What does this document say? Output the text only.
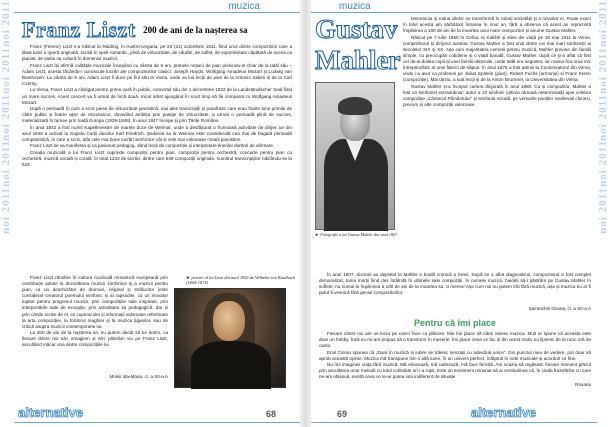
noi 2011
noi 2011
noi 2011
noi 2011
noi 2011
noi 2011
noi 2011
noi 2011
noi 2011
noi 2011
muzica
Franz Liszt $^{200 de ani de la nașterea sa}$

Franz (Ferenc) Liszt s-a născut la Raiding, în Austro-Ungaria, pe 22 (21) octombrie 1811, fiind unul dintre compozitorii care a lăsat lumii o operă originală, scrisă în spirit romantic, plină de virtuozitate, de căutări, de suflet, de expresivitate căpătată de scena ca pianist, de vasta sa cultură în domeniul muzicii.

Franz Liszt își afirmă calitățile muzicale începând cu vârsta de 6 ani, primele noțiuni de pian primindu-le chiar de la tatăl său – Adam Liszt, acesta făcându-i cunoscute lucrări ale compozitorilor clasici: Joseph Haydn, Wolfgang Amadeus Mozart și Ludwig van Beethoven. La vârsta de 9 ani, Adam Liszt îl duce pe fiul său la Viena, unde va lua lecții de pian de la Antonio Salieri și de la Carl Czerny.

La Viena, Franz Liszt a câștigat pentru prima oară în public, concertul său din 1 decembrie 1822 de la Landständischer Saal fiind un mare succes. Acest concert va fi urmat de încă două, micul artist ajungând în scurt timp să fie comparat cu Wolfgang Amadeus Mozart.

După o perioadă în care a scris piese de virtuozitate pianistică, mai ales transcripții și parafraze care erau foarte bine primite de către public și foarte ușor de recunoscut, dovedind ambiția prin pasaje de virtuozitate, a urmat o perioadă plină de succes, materializată în turnee prin toată Europa (1839-1848). În anul 1847 începe și prin Țările Române.

În anul 1842 a fost numit Kapellmeister de marele duce de Weimar, unde a desfășurat o frumoasă activitate de dirijor, iar din anul 1848 a activat la Capela Curții ducelui Karl Friedrich. Șederea sa la Weimar este considerată cea mai de bogată perioadă componistică, în care a scris, atât cele mai bune lucrări simfonice cât și cele mai valoroase creații pianistice.

Franz Liszt se va manifesta și ca pasionat pedagog, dând lecții de compoziție și interpretare tinerilor doritori de afirmare.

Creația muzicală a lui Franz Liszt cuprinde compoziții pentru pian, compoziții pentru orchestră, concerte pentru pian cu orchestră, muzică vocală și corală. În total 1233 de lucrări, dintre care 649 compoziții originale, numărul transcripțiilor ridicându-se la 622.

Franz Liszt rămâne în cultura muzicală romantică europeană prin contribuție aduse la dezvoltarea muzicii simfonice și a muzicii pentru pian, ca un deschizător de drumuri, original și strălucitor (este considerat creatorul poemului simfonic și al rapsodiei, ca un inovator lupttor pentru progresul muzicii, prin compozițiile sale inspirate, prin interpretările sale de excepție, prin activitatea sa pedagogică, dar și prin cărțile scrise de el, ce cuprind idei și informații valoroase referitoare la arta compoziției, la folclorul maghiar și la muzica țiganilor, sau de critică asupra muzicii contemporane lui.

La 200 de ani de la nașterea sa, nu putem decât să ne dorim, ca fiecare dintre noi să-i omagiem și să-i păstrăm viu pe Franz Liszt, ascultând măcar una dintre compozițiile lui.

Moisii Ida-Maria, cl. a XII-a A
► portret al lui Liszt din anul 1856 de Wilhelm von Kaulbach (1804-1874)
alternative	68
muzica
Gustav Mahler
► Fotografie a lui Gustav Mahler din anul 1907

Monotonia și rutina zilelor ne transformă în roboți societății și a nevoilor ei. Poate exact în felul acesta am sărbătorit întrarea în nou! an, fără a observa că acest an reprezintă împlinirea a 100 de ani de la moartea unui mare compozitor și anume Gustav Mahler.

Născut pe 7 iulie 1860 în Cehia, la Kaliště și stins din viață pe 18 mai 1911 la Viena, compozitorul și dirijorul austriac Gustav Mahler a fost unul dintre cei mai mari simfoniști ai secolelor XIX și XX. Așa cum majoritatea cernerii pentru muzică, Mahler provine din familii simple, cu preocupări cotidiene și o viață banală, Gustav Mahler, după ce și-a aflat că fost cel de-al doilea copil al unei familii obișnuite, unde tatăl era negustor, iar mama fica unui mic întreprinzător al unei fabrici de săpun. În anul 1875 a fost admis la Conservatorul din Viena, unde i-a avut ca profesori pe Julius Epstein (pian), Robert Fuchs (armonie) și Franz Krenn (compoziție). Mai târziu, a luat lecții și de la Anton Bruckner, la Universitatea din Viena.

Gustav Mahler și-a început cariera dirijorală în anul 1880. Ca și compozitor, Mahler a fost un simfonist extraordinar: autor a 10 simfonii (ultima rămasă neterminată) apoi celebra compoziție „Cântecul Pământului” și simfonia vocală, pe versurile poeților medievali chinezi, precum și alte compoziții valoroase.

În anul 1907, doctorii au depistat la Mahler o boală cronică a inimii. După ce a aflat diagnosticul, compozitorul a fost complet demoralizat, toma morții fiind des întâlnită în ultimele sale compoziții. În numele muzicii, haideți să-l păstrăm pe Gustav Mahler în suflete, nu numai la împlinirea a 100 de ani de la moartea sa, ci mereu! Așa cum noi nu putem trăi fără muzică, așa și muzica nu ar fi putut fi vesnică fără geniul compozitorilor.

Șametchin Oxana, cl. a XII-a A
Pentru că îmi place

Fiecare dintre noi are un lucru pe care-l face cu plăcere. Mie îmi place să cânt; iubesc muzica. Mult ar spune că aceasta este doar un hobby. Însă eu mi-am propus să o transform în meserie. Îmi place ceea ce fac și din acest motiv nu lipsesc de la nicio oră de canto.

Emil Cioran spunea că „Doar în muzică și iubire se trăiesc senzații cu adevărat unice”. Din punctul meu de vedere, pot doar să aprob această opinie. Muzica mă transpune într-o altă lume, în un univers perfect, înfăptuit în note muzicale și acorduri ce fine.

Nu îmi imaginez viața fără muzică. Mă relaxează, mă calmează, mă face fericită. Am ocazia să regăsesc fiecare moment plăcut prin ascultarea unor melodii cu totul colindate ori i-a rupit. Este un sentiment minunat să ai certitudinea că, în ciuda frustrărilor cu care ne-am obișnuit, există ceva ce te-ar putea iuta indiferent de situație.

Roxana
69	alternative
